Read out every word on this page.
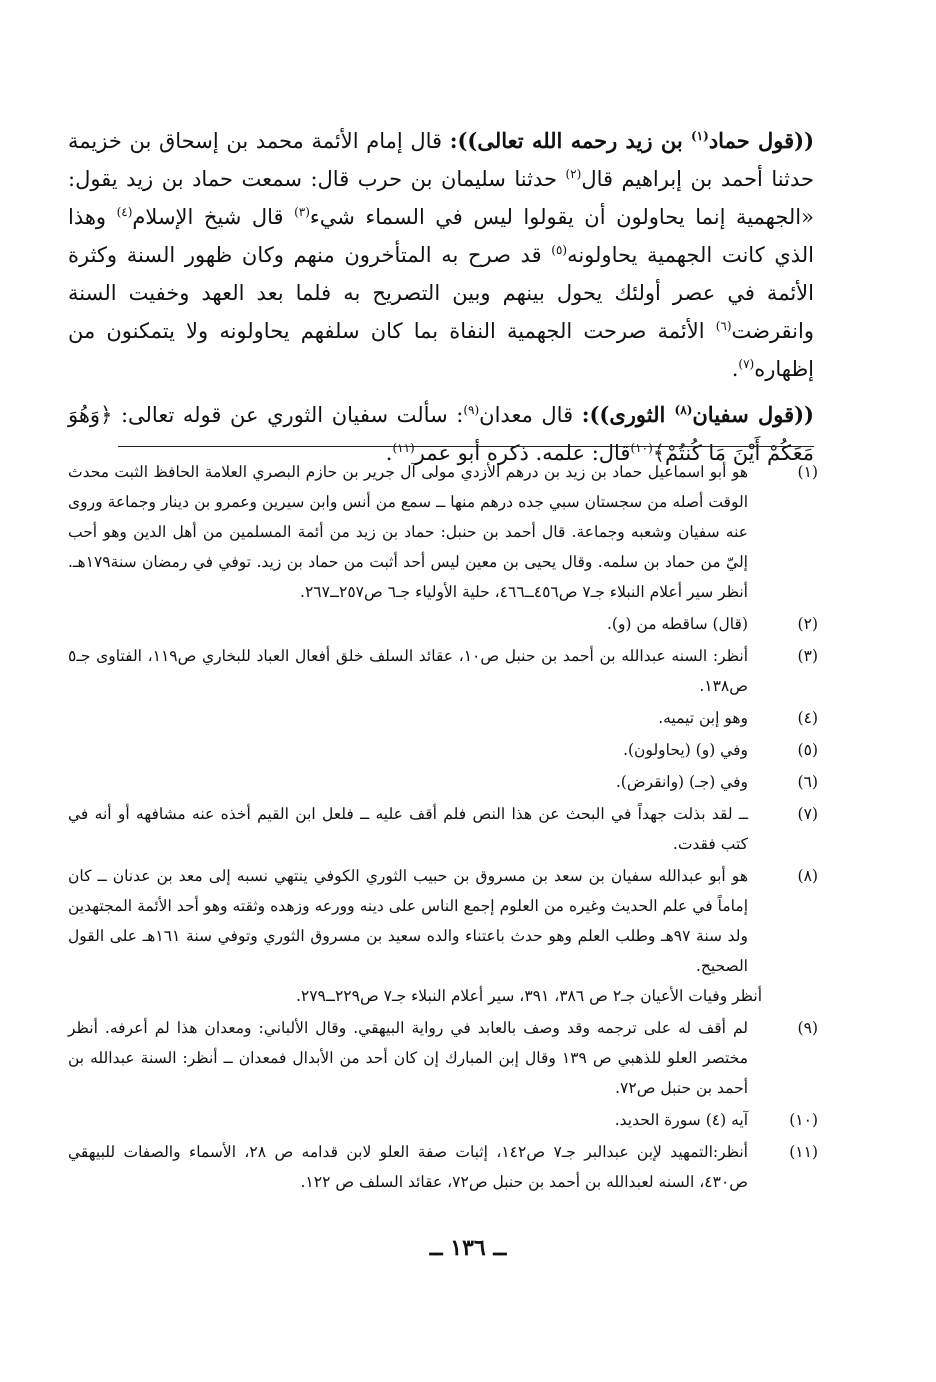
((قول حماد$^{(١)}$ بن زيد رحمه الله تعالى)): قال إمام الأئمة محمد بن إسحاق بن خزيمة حدثنا أحمد بن إبراهيم قال$^{(٢)}$ حدثنا سليمان بن حرب قال: سمعت حماد بن زيد يقول: «الجهمية إنما يحاولون أن يقولوا ليس في السماء شيء$^{(٣)}$ قال شيخ الإسلام$^{(٤)}$ وهذا الذي كانت الجهمية يحاولونه$^{(٥)}$ قد صرح به المتأخرون منهم وكان ظهور السنة وكثرة الأئمة في عصر أولئك يحول بينهم وبين التصريح به فلما بعد العهد وخفيت السنة وانقرضت$^{(٦)}$ الأئمة صرحت الجهمية النفاة بما كان سلفهم يحاولونه ولا يتمكنون من إظهاره$^{(٧)}$.

((قول سفيان$^{(٨)}$ الثورى)): قال معدان$^{(٩)}$: سألت سفيان الثوري عن قوله تعالى: ﴿وَهُوَ مَعَكُمْ أَيْنَ مَا كُنتُمْ﴾$^{(١٠)}$قال: علمه. ذكره أبو عمر$^{(١١)}$.

(١)
هو أبو اسماعيل حماد بن زيد بن درهم الأزدي مولى آل جرير بن حازم البصري العلامة الحافظ الثبت محدث الوقت أصله من سجستان سبي جده درهم منها ــ سمع من أنس وابن سيرين وعمرو بن دينار وجماعة وروى عنه سفيان وشعبه وجماعة. قال أحمد بن حنبل: حماد بن زيد من أئمة المسلمين من أهل الدين وهو أحب إليّ من حماد بن سلمه. وقال يحيى بن معين ليس أحد أثبت من حماد بن زيد. توفي في رمضان سنة١٧٩هـ. أنظر سير أعلام النبلاء جـ٧ ص٤٥٦ــ٤٦٦، حلية الأولياء جـ٦ ص٢٥٧ــ٢٦٧.
(٢)
(قال) ساقطه من (و).
(٣)
أنظر: السنه عبدالله بن أحمد بن حنبل ص١٠، عقائد السلف خلق أفعال العباد للبخاري ص١١٩، الفتاوى جـ٥ ص١٣٨.
(٤)
وهو إبن تيميه.
(٥)
وفي (و) (يحاولون).
(٦)
وفي (جـ) (وانقرض).
(٧)
ــ لقد بذلت جهداً في البحث عن هذا النص فلم أقف عليه ــ فلعل ابن القيم أخذه عنه مشافهه أو أنه في كتب فقدت.
(٨)
هو أبو عبدالله سفيان بن سعد بن مسروق بن حبيب الثوري الكوفي ينتهي نسبه إلى معد بن عدنان ــ كان إماماً في علم الحديث وغيره من العلوم إجمع الناس على دينه وورعه وزهده وثقته وهو أحد الأئمة المجتهدين ولد سنة ٩٧هـ وطلب العلم وهو حدث باعتناء والده سعيد بن مسروق الثوري وتوفي سنة ١٦١هـ على القول الصحيح.
أنظر وفيات الأعيان جـ٢ ص ٣٨٦، ٣٩١، سير أعلام النبلاء جـ٧ ص٢٢٩ــ٢٧٩.
(٩)
لم أقف له على ترجمه وقد وصف بالعابد في رواية البيهقي. وقال الألباني: ومعدان هذا لم أعرفه. أنظر مختصر العلو للذهبي ص ١٣٩ وقال إبن المبارك إن كان أحد من الأبدال فمعدان ــ أنظر: السنة عبدالله بن أحمد بن حنبل ص٧٢.
(١٠)
آيه (٤) سورة الحديد.
(١١)
أنظر:التمهيد لإبن عبدالبر جـ٧ ص١٤٢، إثبات صفة العلو لابن قدامه ص ٢٨، الأسماء والصفات للبيهقي ص٤٣٠، السنه لعبدالله بن أحمد بن حنبل ص٧٢، عقائد السلف ص ١٢٢.
ــ ١٣٦ ــ
